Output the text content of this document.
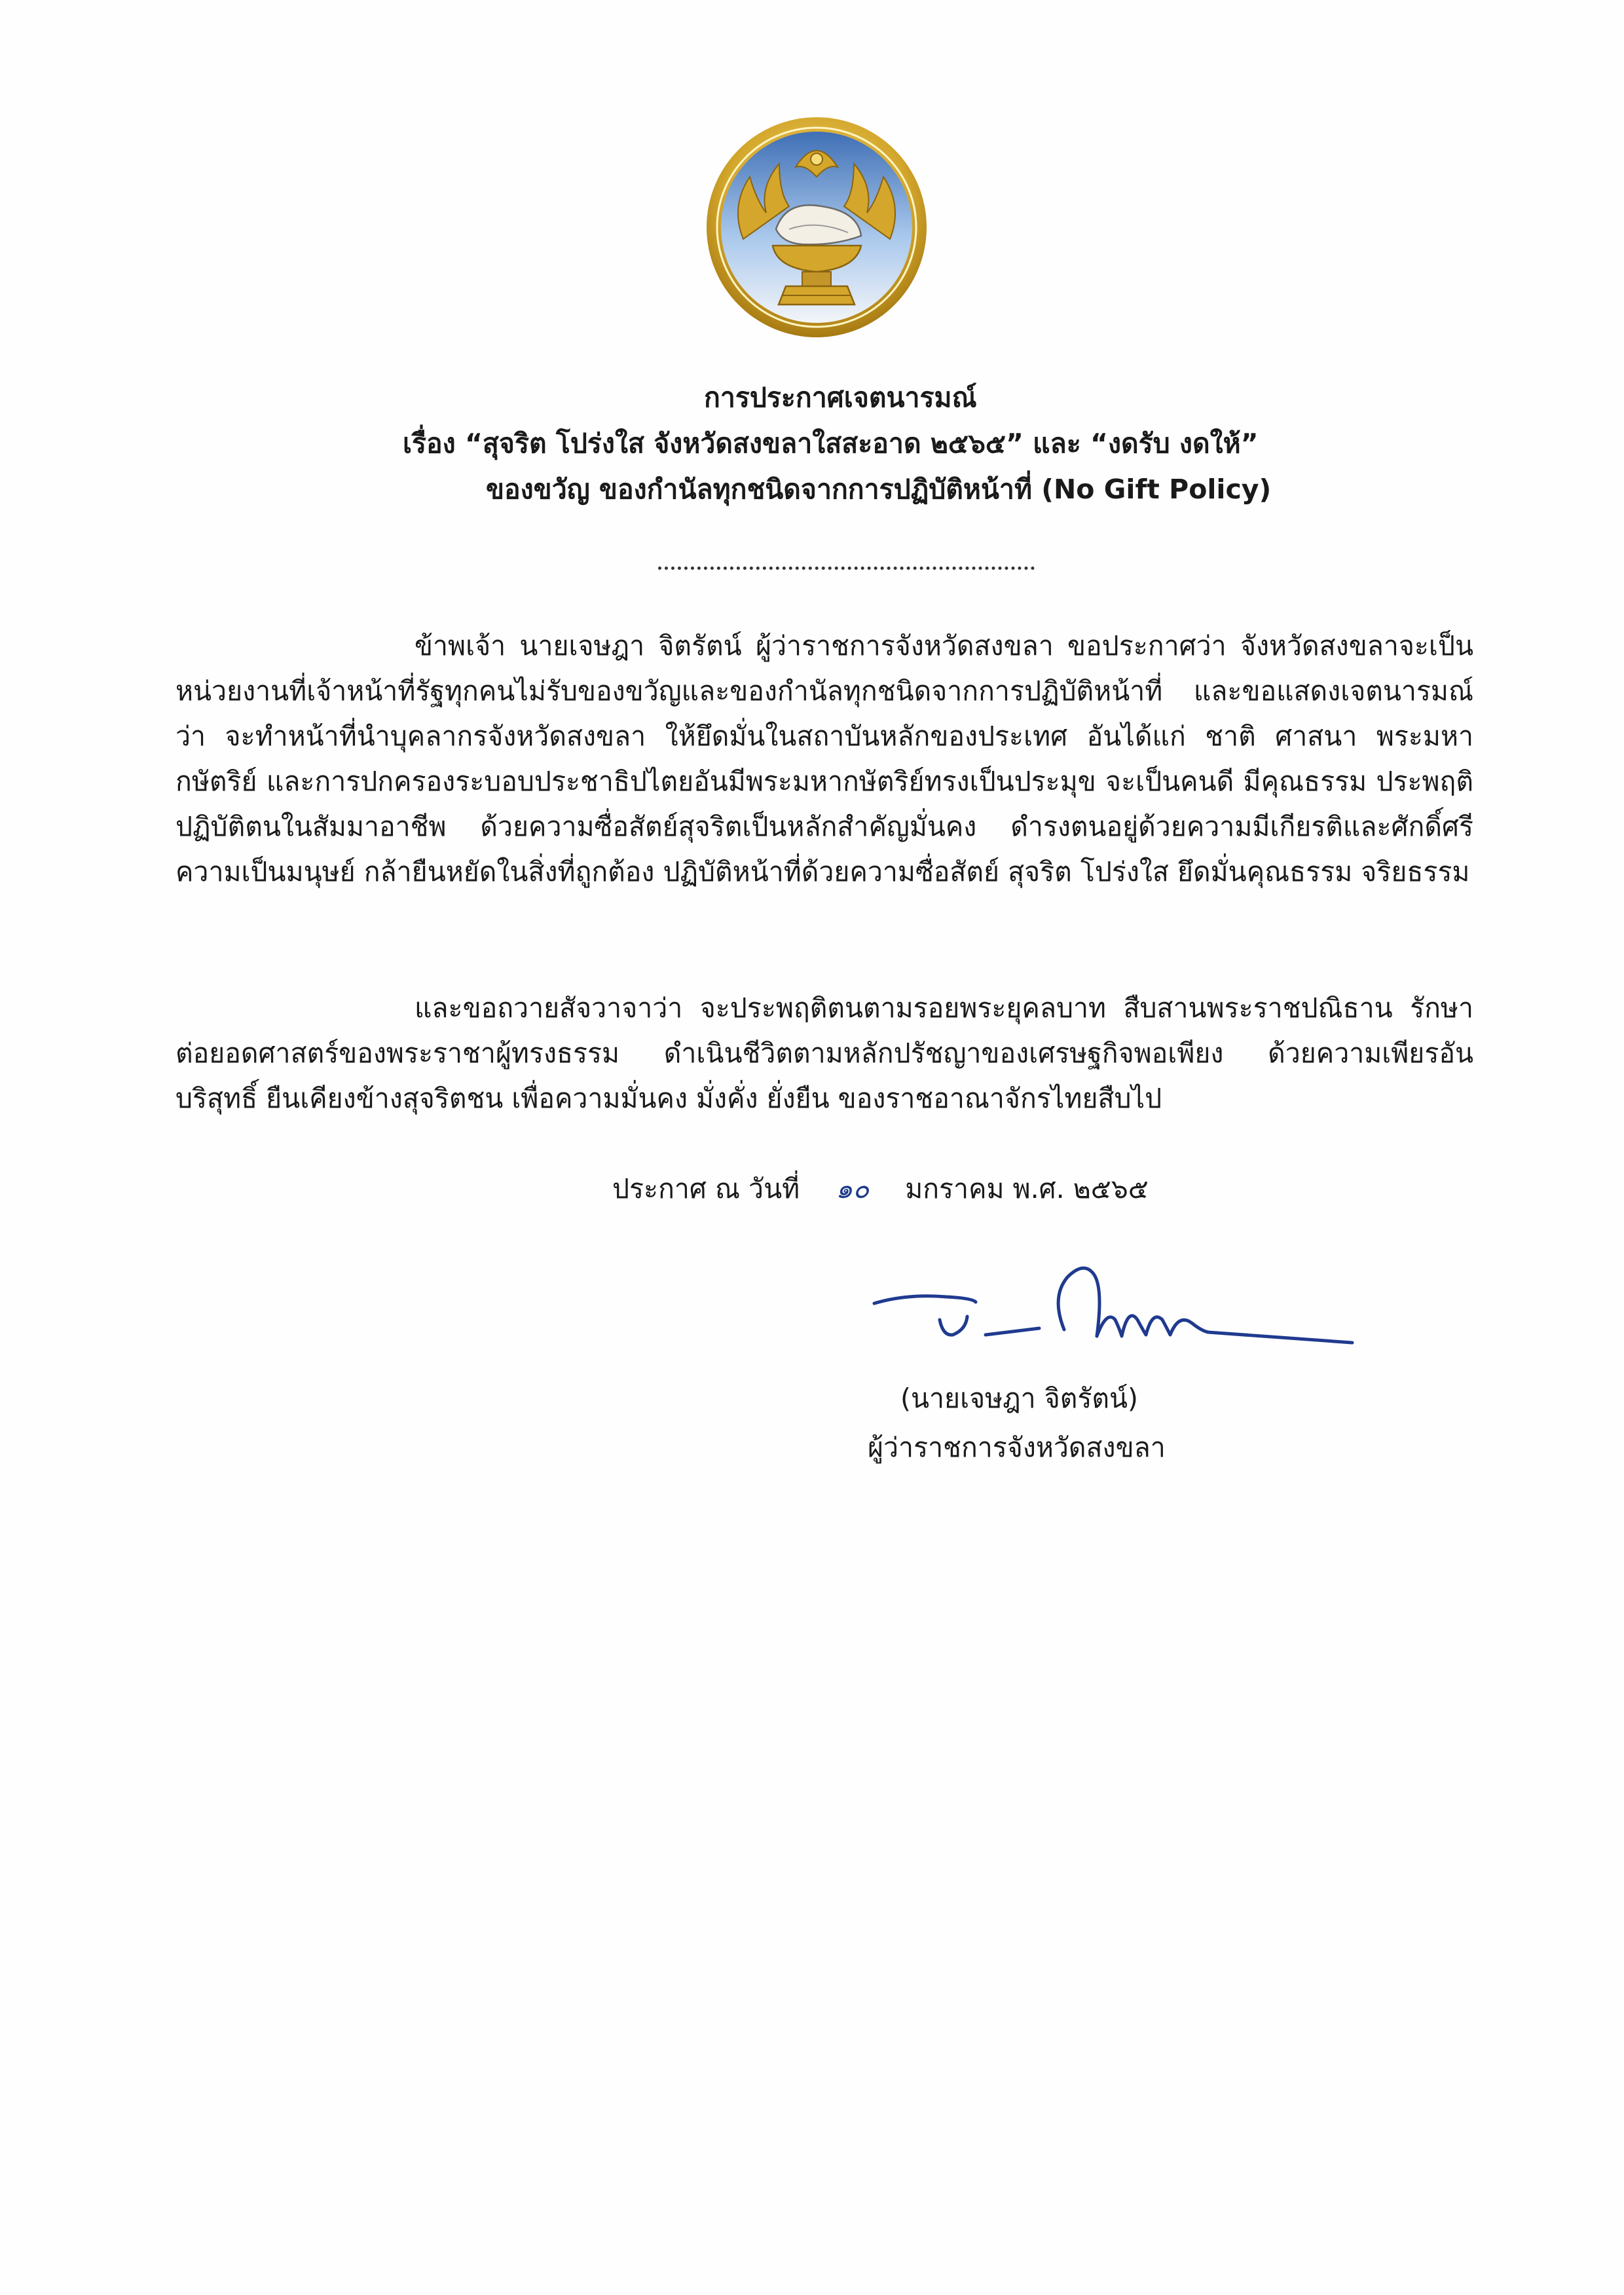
การประกาศเจตนารมณ์
เรื่อง “สุจริต โปร่งใส จังหวัดสงขลาใสสะอาด ๒๕๖๕” และ “งดรับ งดให้”
ของขวัญ ของกำนัลทุกชนิดจากการปฏิบัติหน้าที่ (No Gift Policy)

ข้าพเจ้า นายเจษฎา จิตรัตน์ ผู้ว่าราชการจังหวัดสงขลา ขอประกาศว่า จังหวัดสงขลาจะเป็นหน่วยงานที่เจ้าหน้าที่รัฐทุกคนไม่รับของขวัญและของกำนัลทุกชนิดจากการปฏิบัติหน้าที่ และขอแสดงเจตนารมณ์ว่า จะทำหน้าที่นำบุคลากรจังหวัดสงขลา ให้ยึดมั่นในสถาบันหลักของประเทศ อันได้แก่ ชาติ ศาสนา พระมหากษัตริย์ และการปกครองระบอบประชาธิปไตยอันมีพระมหากษัตริย์ทรงเป็นประมุข จะเป็นคนดี มีคุณธรรม ประพฤติปฏิบัติตนในสัมมาอาชีพ ด้วยความซื่อสัตย์สุจริตเป็นหลักสำคัญมั่นคง ดำรงตนอยู่ด้วยความมีเกียรติและศักดิ์ศรีความเป็นมนุษย์ กล้ายืนหยัดในสิ่งที่ถูกต้อง ปฏิบัติหน้าที่ด้วยความซื่อสัตย์ สุจริต โปร่งใส ยึดมั่นคุณธรรม จริยธรรม

และขอถวายสัจวาจาว่า จะประพฤติตนตามรอยพระยุคลบาท สืบสานพระราชปณิธาน รักษา ต่อยอดศาสตร์ของพระราชาผู้ทรงธรรม ดำเนินชีวิตตามหลักปรัชญาของเศรษฐกิจพอเพียง ด้วยความเพียรอันบริสุทธิ์ ยืนเคียงข้างสุจริตชน เพื่อความมั่นคง มั่งคั่ง ยั่งยืน ของราชอาณาจักรไทยสืบไป

ประกาศ ณ วันที่ ๑๐ มกราคม พ.ศ. ๒๕๖๕
(นายเจษฎา จิตรัตน์)
ผู้ว่าราชการจังหวัดสงขลา
